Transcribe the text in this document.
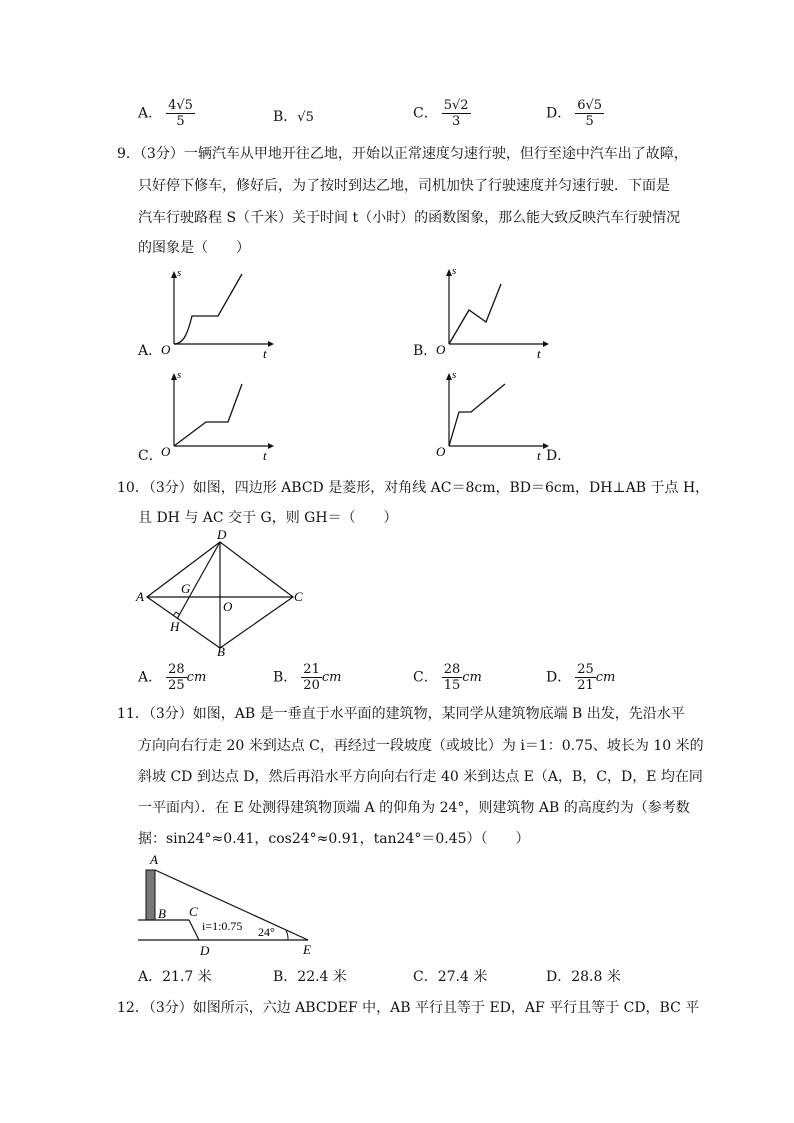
A． $\frac{4√5}{5}$	B．√5	C． $\frac{5√2}{3}$	D． $\frac{6√5}{5}$
9．（3分）一辆汽车从甲地开往乙地，开始以正常速度匀速行驶，但行至途中汽车出了故障，
只好停下修车，修好后，为了按时到达乙地，司机加快了行驶速度并匀速行驶．下面是
汽车行驶路程 S（千米）关于时间 t（小时）的函数图象，那么能大致反映汽车行驶情况
的图象是（　　）
A．
s
O	t	B．
s
O	t
C．
s
O	t	D．
s
O	t
10．（3分）如图，四边形 ABCD 是菱形，对角线 AC＝8cm，BD＝6cm，DH⊥AB 于点 H，
且 DH 与 AC 交于 G，则 GH＝（　　）
D
A	C
B
G
H
O
A． $\frac{28}{25}$ cm	B． $\frac{21}{20}$ cm	C． $\frac{28}{15}$ cm	D． $\frac{25}{21}$ cm
11．（3分）如图，AB 是一垂直于水平面的建筑物，某同学从建筑物底端 B 出发，先沿水平
方向向右行走 20 米到达点 C，再经过一段坡度（或坡比）为 i＝1：0.75、坡长为 10 米的
斜坡 CD 到达点 D，然后再沿水平方向向右行走 40 米到达点 E（A，B，C，D，E 均在同
一平面内）．在 E 处测得建筑物顶端 A 的仰角为 24°，则建筑物 AB 的高度约为（参考数
据：sin24°≈0.41，cos24°≈0.91，tan24°＝0.45）（　　）
A
B C
D	E
i=1:0.75 24°
A．21.7 米	B．22.4 米	C．27.4 米	D．28.8 米
12．（3分）如图所示，六边 ABCDEF 中，AB 平行且等于 ED，AF 平行且等于 CD，BC 平
